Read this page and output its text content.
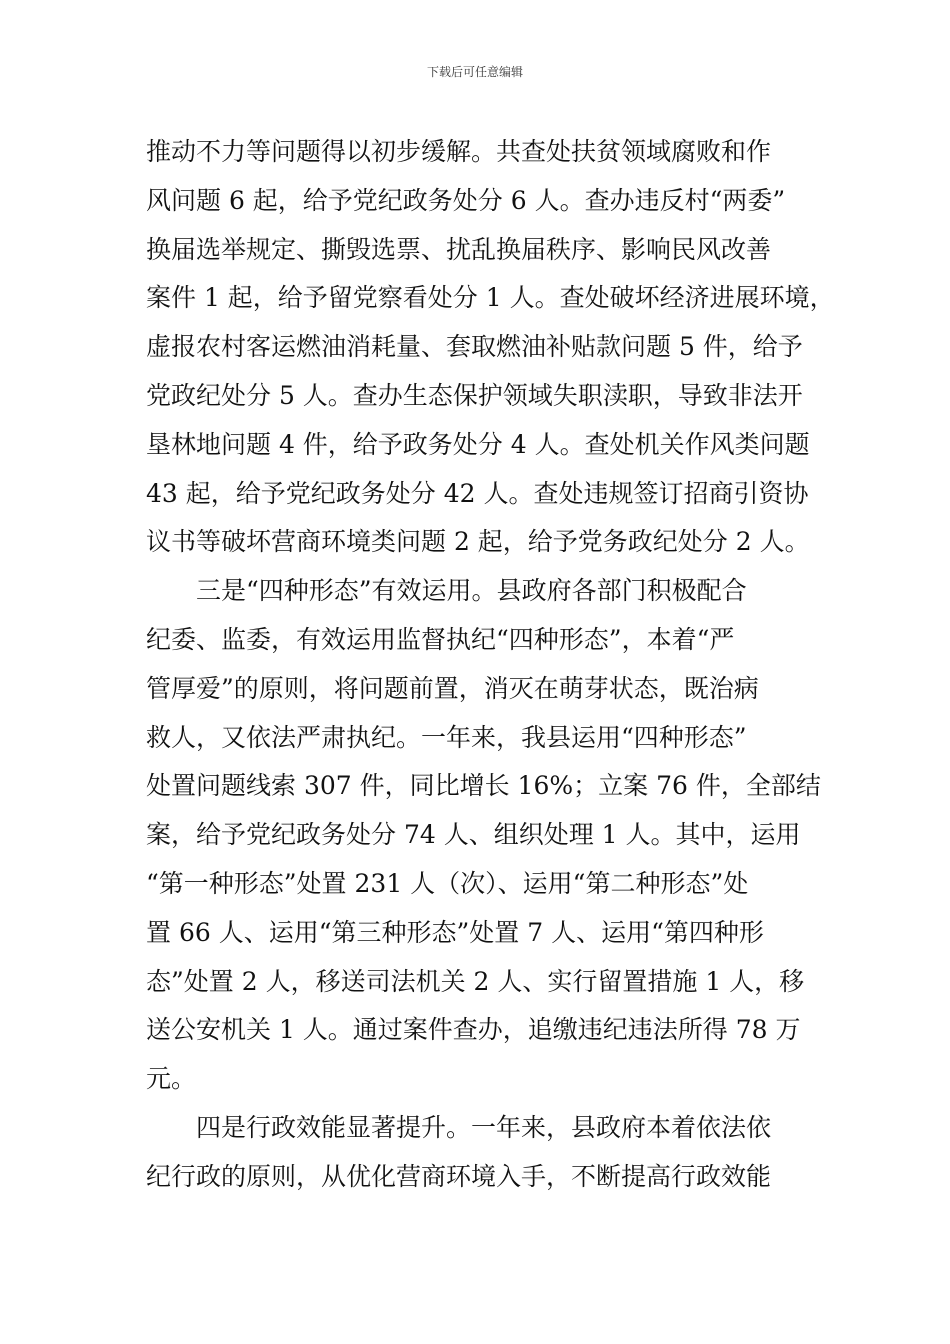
下载后可任意编辑
推动不力等问题得以初步缓解。共查处扶贫领域腐败和作
风问题 6 起，给予党纪政务处分 6 人。查办违反村“两委”
换届选举规定、撕毁选票、扰乱换届秩序、影响民风改善
案件 1 起，给予留党察看处分 1 人。查处破坏经济进展环境，
虚报农村客运燃油消耗量、套取燃油补贴款问题 5 件，给予
党政纪处分 5 人。查办生态保护领域失职渎职，导致非法开
垦林地问题 4 件，给予政务处分 4 人。查处机关作风类问题
43 起，给予党纪政务处分 42 人。查处违规签订招商引资协
议书等破坏营商环境类问题 2 起，给予党务政纪处分 2 人。
三是“四种形态”有效运用。县政府各部门积极配合
纪委、监委，有效运用监督执纪“四种形态”，本着“严
管厚爱”的原则，将问题前置，消灭在萌芽状态，既治病
救人，又依法严肃执纪。一年来，我县运用“四种形态”
处置问题线索 307 件，同比增长 16%；立案 76 件，全部结
案，给予党纪政务处分 74 人、组织处理 1 人。其中，运用
“第一种形态”处置 231 人（次）、运用“第二种形态”处
置 66 人、运用“第三种形态”处置 7 人、运用“第四种形
态”处置 2 人，移送司法机关 2 人、实行留置措施 1 人，移
送公安机关 1 人。通过案件查办，追缴违纪违法所得 78 万
元。
四是行政效能显著提升。一年来，县政府本着依法依
纪行政的原则，从优化营商环境入手，不断提高行政效能
